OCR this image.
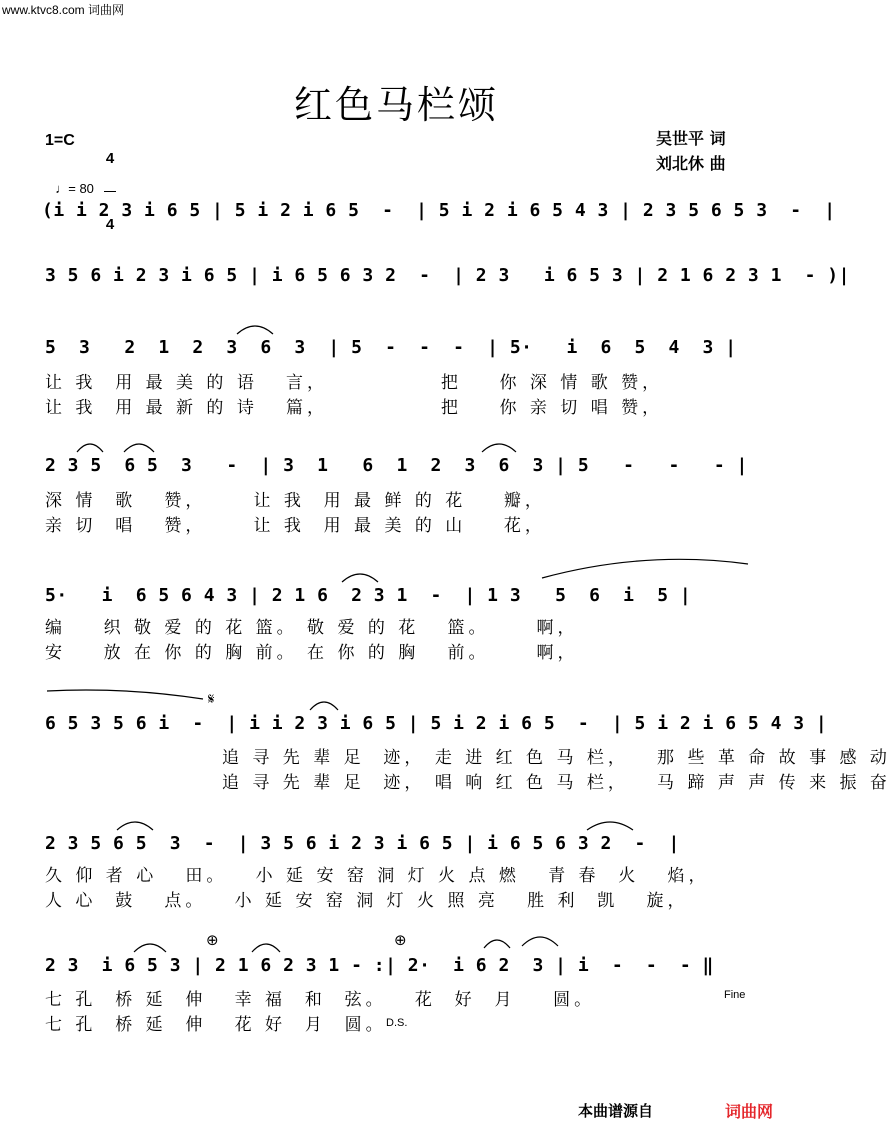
www.ktvc8.com 词曲网
红色马栏颂
吴世平 词
刘北休 曲
1=C

4

4

♩= 80

(i i 2 3 i 6 5 | 5 i 2 i 6 5  -  | 5 i 2 i 6 5 4 3 | 2 3 5 6 5 3  -  |
3 5 6 i 2 3 i 6 5 | i 6 5 6 3 2  -  | 2 3   i 6 5 3 | 2 1 6 2 3 1  - )|
5  3   2  1  2  3  6  3  | 5  -  -  -  | 5·   i  6  5  4  3 |
让 我  用 最 美 的 语   言，            把    你 深 情 歌 赞，
让 我  用 最 新 的 诗   篇，            把    你 亲 切 唱 赞，
2 3 5  6 5  3   -  | 3  1   6  1  2  3  6  3 | 5   -   -   - |
深 情  歌   赞，     让 我  用 最 鲜 的 花    瓣，
亲 切  唱   赞，     让 我  用 最 美 的 山    花，
5·   i  6 5 6 4 3 | 2 1 6  2 3 1  -  | 1 3   5  6  i  5 |
编    织 敬 爱 的 花 篮。 敬 爱 的 花   篮。     啊，
安    放 在 你 的 胸 前。 在 你 的 胸   前。     啊，
𝄋
6 5 3 5 6 i  -  | i i 2 3 i 6 5 | 5 i 2 i 6 5  -  | 5 i 2 i 6 5 4 3 |
追 寻 先 辈 足  迹， 走 进 红 色 马 栏，   那 些 革 命 故 事 感 动
追 寻 先 辈 足  迹， 唱 响 红 色 马 栏，   马 蹄 声 声 传 来 振 奋
2 3 5 6 5  3  -  | 3 5 6 i 2 3 i 6 5 | i 6 5 6 3 2  -  |
久 仰 者 心   田。   小 延 安 窑 洞 灯 火 点 燃   青 春  火   焰，
人 心  鼓   点。   小 延 安 窑 洞 灯 火 照 亮   胜 利  凯   旋，
⊕	⊕
2 3  i 6 5 3 | 2 1 6 2 3 1 - :| 2·  i 6 2  3 | i  -  -  - ‖
七 孔  桥 延  伸   幸 福  和  弦。   花  好  月    圆。
七 孔  桥 延  伸   花 好  月  圆。
Fine
D.S.
本曲谱源自	词曲网
